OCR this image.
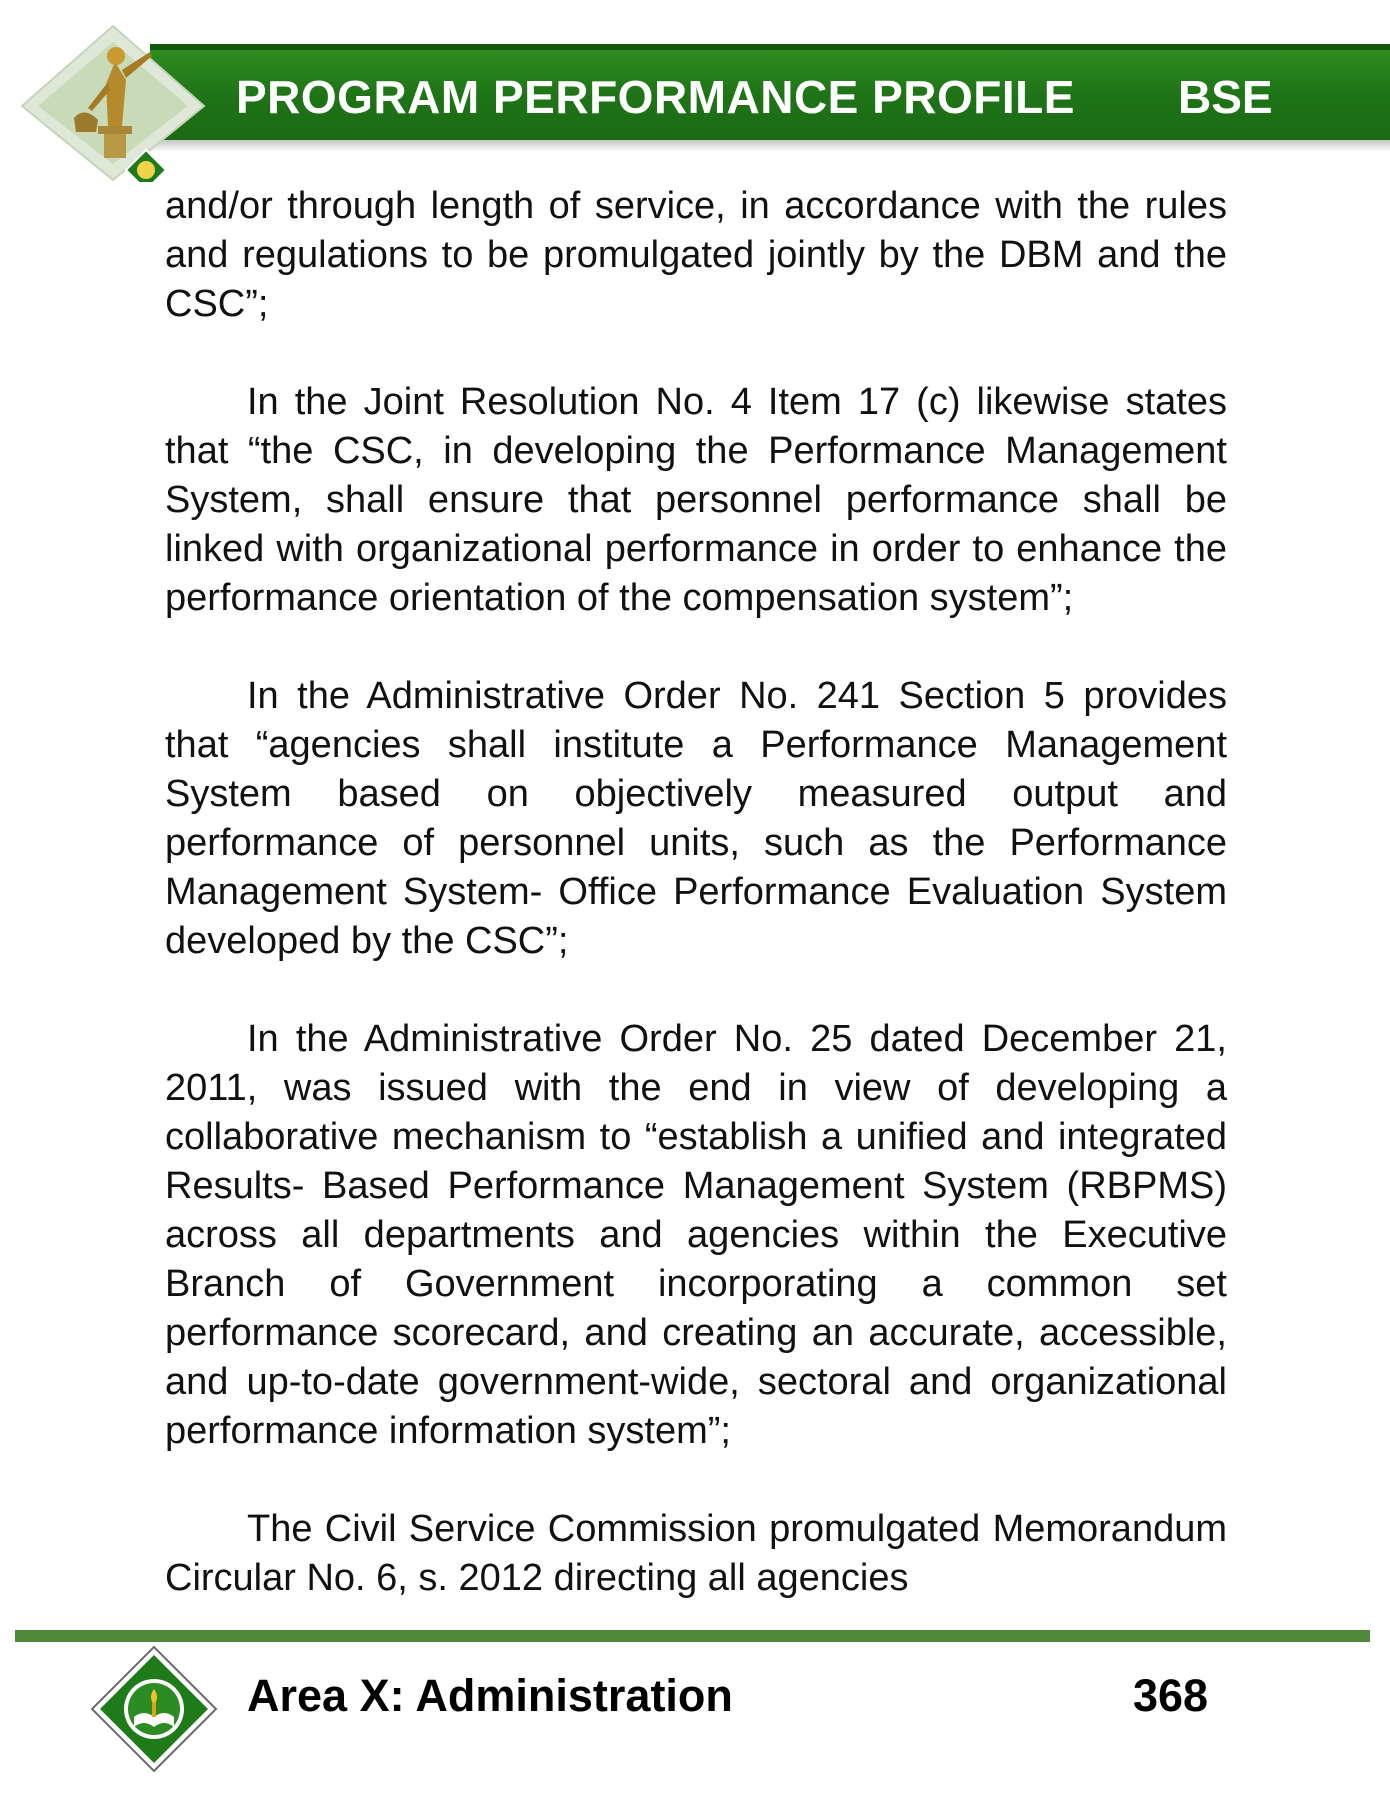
PROGRAM PERFORMANCE PROFILE BSE

and/or through length of service, in accordance with the rules and regulations to be promulgated jointly by the DBM and the CSC”;

In the Joint Resolution No. 4 Item 17 (c) likewise states that “the CSC, in developing the Performance Management System, shall ensure that personnel performance shall be linked with organizational performance in order to enhance the performance orientation of the compensation system”;

In the Administrative Order No. 241 Section 5 provides that “agencies shall institute a Performance Management System based on objectively measured output and performance of personnel units, such as the Performance Management System- Office Performance Evaluation System developed by the CSC”;

In the Administrative Order No. 25 dated December 21, 2011, was issued with the end in view of developing a collaborative mechanism to “establish a unified and integrated Results- Based Performance Management System (RBPMS) across all departments and agencies within the Executive Branch of Government incorporating a common set performance scorecard, and creating an accurate, accessible, and up-to-date government-wide, sectoral and organizational performance information system”;

The Civil Service Commission promulgated Memorandum Circular No. 6, s. 2012 directing all agencies

Area X: Administration	368
